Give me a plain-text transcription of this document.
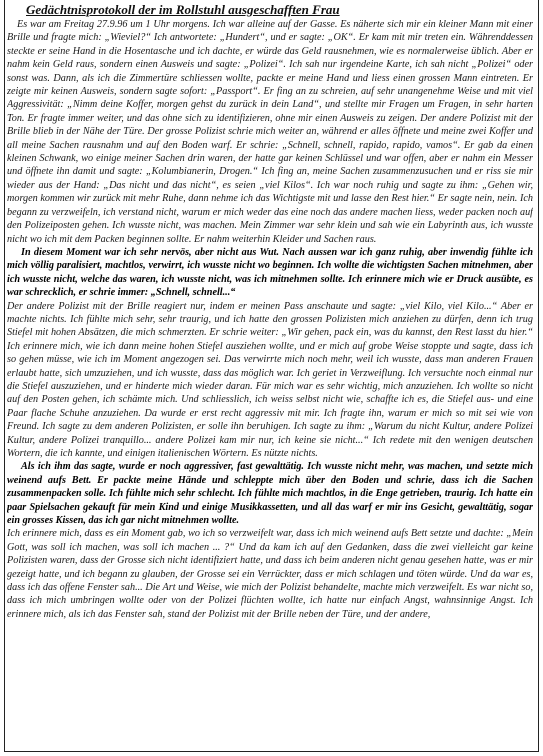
Gedächtnisprotokoll der im Rollstuhl ausgeschafften Frau

Es war am Freitag 27.9.96 um 1 Uhr morgens. Ich war alleine auf der Gasse. Es näherte sich mir ein kleiner Mann mit einer Brille und fragte mich: „Wieviel?“ Ich antwortete: „Hundert“, und er sagte: „OK“. Er kam mit mir treten ein. Währenddessen steckte er seine Hand in die Hosentasche und ich dachte, er würde das Geld rausnehmen, wie es normalerweise üblich. Aber er nahm kein Geld raus, sondern einen Ausweis und sagte: „Polizei“. Ich sah nur irgendeine Karte, ich sah nicht „Polizei“ oder sonst was. Dann, als ich die Zimmertüre schliessen wollte, packte er meine Hand und liess einen grossen Mann eintreten. Er zeigte mir keinen Ausweis, sondern sagte sofort: „Passport“. Er fing an zu schreien, auf sehr unangenehme Weise und mit viel Aggressivität: „Nimm deine Koffer, morgen gehst du zurück in dein Land“, und stellte mir Fragen um Fragen, in sehr harten Ton. Er fragte immer weiter, und das ohne sich zu identifizieren, ohne mir einen Ausweis zu zeigen. Der andere Polizist mit der Brille blieb in der Nähe der Türe. Der grosse Polizist schrie mich weiter an, während er alles öffnete und meine zwei Koffer und all meine Sachen rausnahm und auf den Boden warf. Er schrie: „Schnell, schnell, rapido, rapido, vamos“. Er gab da einen kleinen Schwank, wo einige meiner Sachen drin waren, der hatte gar keinen Schlüssel und war offen, aber er nahm ein Messer und öffnete ihn damit und sagte: „Kolumbianerin, Drogen.“ Ich fing an, meine Sachen zusammenzusuchen und er riss sie mir wieder aus der Hand: „Das nicht und das nicht“, es seien „viel Kilos“. Ich war noch ruhig und sagte zu ihm: „Gehen wir, morgen kommen wir zurück mit mehr Ruhe, dann nehme ich das Wichtigste mit und lasse den Rest hier.“ Er sagte nein, nein. Ich begann zu verzweifeln, ich verstand nicht, warum er mich weder das eine noch das andere machen liess, weder packen noch auf den Polizeiposten gehen. Ich wusste nicht, was machen. Mein Zimmer war sehr klein und sah wie ein Labyrinth aus, ich wusste nicht wo ich mit dem Packen beginnen sollte. Er nahm weiterhin Kleider und Sachen raus.

In diesem Moment war ich sehr nervös, aber nicht aus Wut. Nach aussen war ich ganz ruhig, aber inwendig fühlte ich mich völlig paralisiert, machtlos, verwirrt, ich wusste nicht wo beginnen. Ich wollte die wichtigsten Sachen mitnehmen, aber ich wusste nicht, welche das waren, ich wusste nicht, was ich mitnehmen sollte. Ich erinnere mich wie er Druck ausübte, es war schrecklich, er schrie immer: „Schnell, schnell...“

Der andere Polizist mit der Brille reagiert nur, indem er meinen Pass anschaute und sagte: „viel Kilo, viel Kilo...“ Aber er machte nichts. Ich fühlte mich sehr, sehr traurig, und ich hatte den grossen Polizisten mich anziehen zu dürfen, denn ich trug Stiefel mit hohen Absätzen, die mich schmerzten. Er schrie weiter: „Wir gehen, pack ein, was du kannst, den Rest lasst du hier.“ Ich erinnere mich, wie ich dann meine hohen Stiefel ausziehen wollte, und er mich auf grobe Weise stoppte und sagte, dass ich so gehen müsse, wie ich im Moment angezogen sei. Das verwirrte mich noch mehr, weil ich wusste, dass man anderen Frauen erlaubt hatte, sich umzuziehen, und ich wusste, dass das möglich war. Ich geriet in Verzweiflung. Ich versuchte noch einmal nur die Stiefel auszuziehen, und er hinderte mich wieder daran. Für mich war es sehr wichtig, mich anzuziehen. Ich wollte so nicht auf den Posten gehen, ich schämte mich. Und schliesslich, ich weiss selbst nicht wie, schaffte ich es, die Stiefel aus- und eine Paar flache Schuhe anzuziehen. Da wurde er erst recht aggressiv mit mir. Ich fragte ihn, warum er mich so mit sei wie von Freund. Ich sagte zu dem anderen Polizisten, er solle ihn beruhigen. Ich sagte zu ihm: „Warum du nicht Kultur, andere Polizei Kultur, andere Polizei tranquillo... andere Polizei kam mir nur, ich keine sie nicht...“ Ich redete mit den wenigen deutschen Wortern, die ich kannte, und einigen italienischen Wörtern. Es nützte nichts.

Als ich ihm das sagte, wurde er noch aggressiver, fast gewalttätig. Ich wusste nicht mehr, was machen, und setzte mich weinend aufs Bett. Er packte meine Hände und schleppte mich über den Boden und schrie, dass ich die Sachen zusammenpacken solle. Ich fühlte mich sehr schlecht. Ich fühlte mich machtlos, in die Enge getrieben, traurig. Ich hatte ein paar Spielsachen gekauft für mein Kind und einige Musikkassetten, und all das warf er mir ins Gesicht, gewalttätig, sogar ein grosses Kissen, das ich gar nicht mitnehmen wollte.

Ich erinnere mich, dass es ein Moment gab, wo ich so verzweifelt war, dass ich mich weinend aufs Bett setzte und dachte: „Mein Gott, was soll ich machen, was soll ich machen ... ?“ Und da kam ich auf den Gedanken, dass die zwei vielleicht gar keine Polizisten waren, dass der Grosse sich nicht identifiziert hatte, und dass ich beim anderen nicht genau gesehen hatte, was er mir gezeigt hatte, und ich begann zu glauben, der Grosse sei ein Verrückter, dass er mich schlagen und töten würde. Und da war es, dass ich das offene Fenster sah... Die Art und Weise, wie mich der Polizist behandelte, machte mich verzweifelt. Es war nicht so, dass ich mich umbringen wollte oder von der Polizei flüchten wollte, ich hatte nur einfach Angst, wahnsinnige Angst. Ich erinnere mich, als ich das Fenster sah, stand der Polizist mit der Brille neben der Türe, und der andere,
